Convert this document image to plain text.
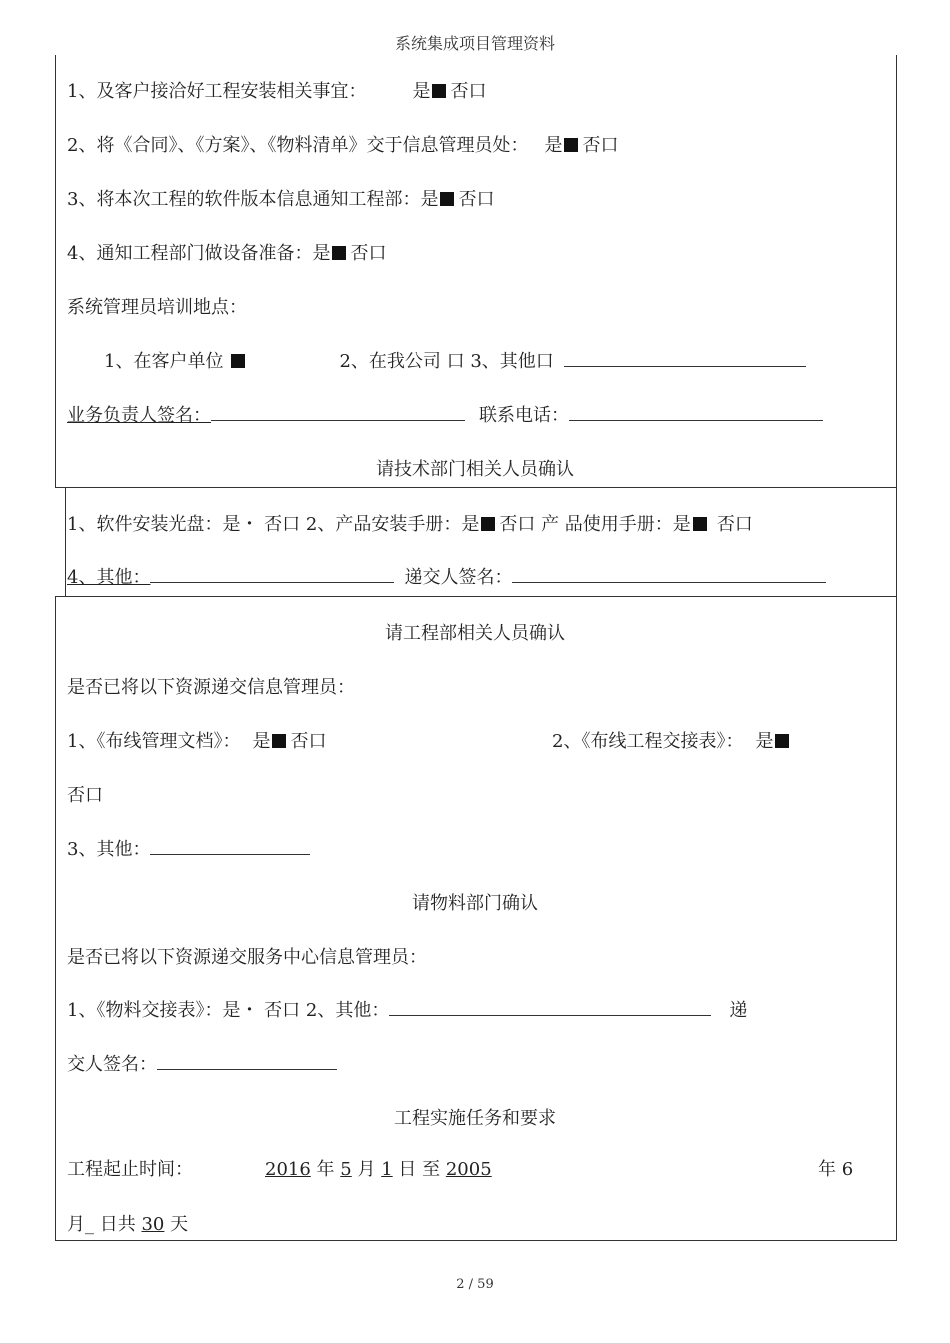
系统集成项目管理资料
1、及客户接洽好工程安装相关事宜：	是 否口
2、将《合同》、《方案》、《物料清单》交于信息管理员处： 是 否口
3、将本次工程的软件版本信息通知工程部：是 否口
4、通知工程部门做设备准备：是 否口
系统管理员培训地点：
1、在客户单位	2、在我公司 口 3、其他口
业务负责人签名：	联系电话：
请技术部门相关人员确认
1、软件安装光盘：是・ 否口 2、产品安装手册：是 否口 产 品使用手册：是 否口
4、其他：	递交人签名：
请工程部相关人员确认
是否已将以下资源递交信息管理员：
1、《布线管理文档》： 是 否口	2、《布线工程交接表》： 是
否口
3、其他：
请物料部门确认
是否已将以下资源递交服务中心信息管理员：
1、《物料交接表》：是・ 否口 2、其他：	递
交人签名：
工程实施任务和要求
工程起止时间：	2016 年 5 月 1 日 至 2005	年 6
月_ 日共 30 天
2 / 59
